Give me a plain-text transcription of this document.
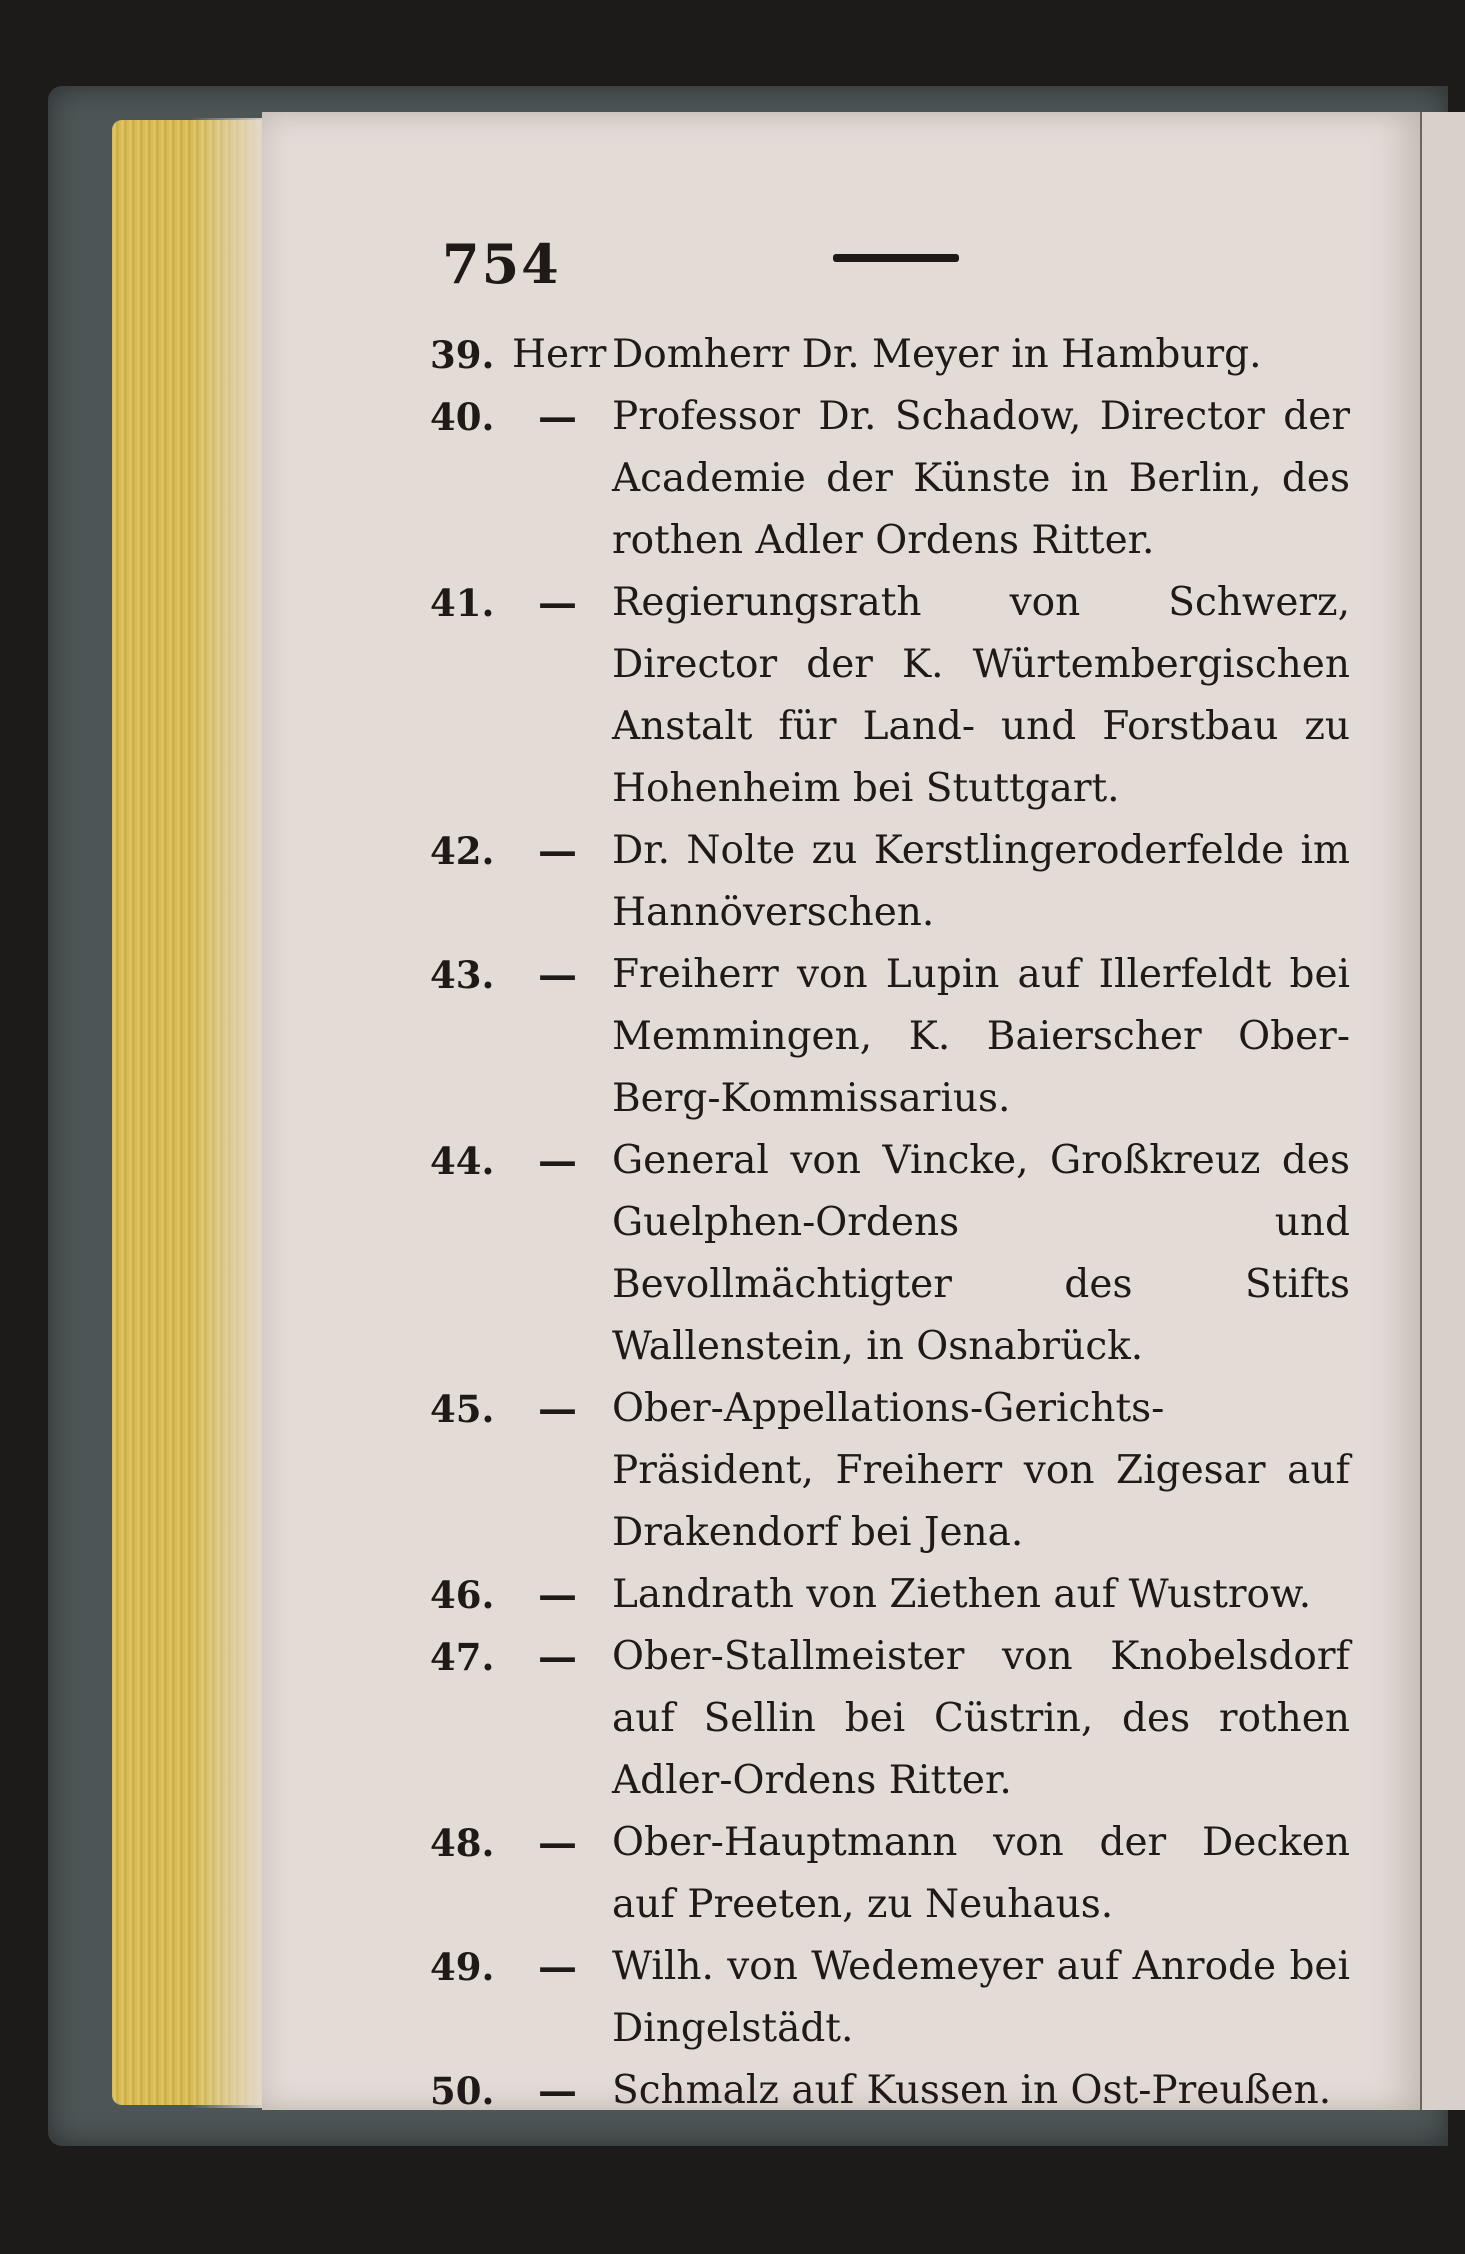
754
39. Herr Domherr Dr. Meyer in Hamburg.
40. — Professor Dr. Schadow, Director der Academie der Künste in Berlin, des rothen Adler Ordens Ritter.
41. — Regierungsrath von Schwerz, Director der K. Würtembergischen Anstalt für Land- und Forstbau zu Hohenheim bei Stuttgart.
42. — Dr. Nolte zu Kerstlingeroderfelde im Hannöverschen.
43. — Freiherr von Lupin auf Illerfeldt bei Memmingen, K. Baierscher Ober-Berg-Kommissarius.
44. — General von Vincke, Großkreuz des Guelphen-Ordens und Bevollmächtigter des Stifts Wallenstein, in Osnabrück.
45. — Ober-Appellations-Gerichts-Präsident, Freiherr von Zigesar auf Drakendorf bei Jena.
46. — Landrath von Ziethen auf Wustrow.
47. — Ober-Stallmeister von Knobelsdorf auf Sellin bei Cüstrin, des rothen Adler-Ordens Ritter.
48. — Ober-Hauptmann von der Decken auf Preeten, zu Neuhaus.
49. — Wilh. von Wedemeyer auf Anrode bei Dingelstädt.
50. — Schmalz auf Kussen in Ost-Preußen.
